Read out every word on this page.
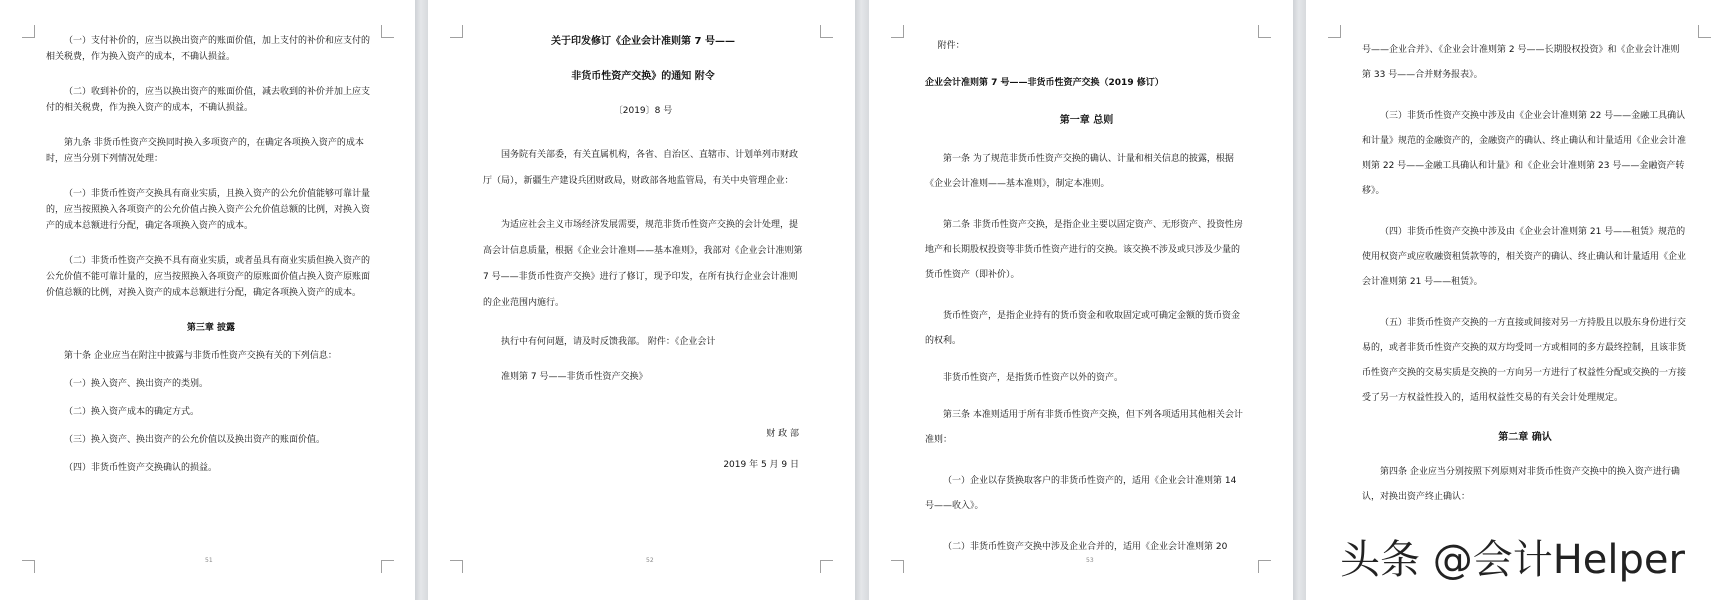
（一）支付补价的，应当以换出资产的账面价值，加上支付的补价和应支付的相关税费，作为换入资产的成本，不确认损益。

（二）收到补价的，应当以换出资产的账面价值，减去收到的补价并加上应支付的相关税费，作为换入资产的成本，不确认损益。

第九条 非货币性资产交换同时换入多项资产的，在确定各项换入资产的成本时，应当分别下列情况处理：

（一）非货币性资产交换具有商业实质，且换入资产的公允价值能够可靠计量的，应当按照换入各项资产的公允价值占换入资产公允价值总额的比例，对换入资产的成本总额进行分配，确定各项换入资产的成本。

（二）非货币性资产交换不具有商业实质，或者虽具有商业实质但换入资产的公允价值不能可靠计量的，应当按照换入各项资产的原账面价值占换入资产原账面价值总额的比例，对换入资产的成本总额进行分配，确定各项换入资产的成本。

第三章 披露

第十条 企业应当在附注中披露与非货币性资产交换有关的下列信息：

（一）换入资产、换出资产的类别。

（二）换入资产成本的确定方式。

（三）换入资产、换出资产的公允价值以及换出资产的账面价值。

（四）非货币性资产交换确认的损益。

51

关于印发修订《企业会计准则第 7 号——

非货币性资产交换》的通知 附令

〔2019〕8 号

国务院有关部委，有关直属机构，各省、自治区、直辖市、计划单列市财政厅（局），新疆生产建设兵团财政局，财政部各地监管局，有关中央管理企业：

为适应社会主义市场经济发展需要，规范非货币性资产交换的会计处理，提高会计信息质量，根据《企业会计准则——基本准则》，我部对《企业会计准则第 7 号——非货币性资产交换》进行了修订，现予印发，在所有执行企业会计准则的企业范围内施行。

执行中有何问题，请及时反馈我部。 附件：《企业会计

准则第 7 号——非货币性资产交换》

财 政 部

2019 年 5 月 9 日

52

附件：

企业会计准则第 7 号——非货币性资产交换（2019 修订）

第一章 总则

第一条 为了规范非货币性资产交换的确认、计量和相关信息的披露，根据《企业会计准则——基本准则》，制定本准则。

第二条 非货币性资产交换，是指企业主要以固定资产、无形资产、投资性房地产和长期股权投资等非货币性资产进行的交换。该交换不涉及或只涉及少量的货币性资产（即补价）。

货币性资产，是指企业持有的货币资金和收取固定或可确定金额的货币资金的权利。

非货币性资产，是指货币性资产以外的资产。

第三条 本准则适用于所有非货币性资产交换，但下列各项适用其他相关会计准则：

（一）企业以存货换取客户的非货币性资产的，适用《企业会计准则第 14 号——收入》。

（二）非货币性资产交换中涉及企业合并的，适用《企业会计准则第 20

53

号——企业合并》、《企业会计准则第 2 号——长期股权投资》和《企业会计准则第 33 号——合并财务报表》。

（三）非货币性资产交换中涉及由《企业会计准则第 22 号——金融工具确认和计量》规范的金融资产的，金融资产的确认、终止确认和计量适用《企业会计准则第 22 号——金融工具确认和计量》和《企业会计准则第 23 号——金融资产转移》。

（四）非货币性资产交换中涉及由《企业会计准则第 21 号——租赁》规范的使用权资产或应收融资租赁款等的，相关资产的确认、终止确认和计量适用《企业会计准则第 21 号——租赁》。

（五）非货币性资产交换的一方直接或间接对另一方持股且以股东身份进行交易的，或者非货币性资产交换的双方均受同一方或相同的多方最终控制，且该非货币性资产交换的交易实质是交换的一方向另一方进行了权益性分配或交换的一方接受了另一方权益性投入的，适用权益性交易的有关会计处理规定。

第二章 确认

第四条 企业应当分别按照下列原则对非货币性资产交换中的换入资产进行确认，对换出资产终止确认：

头条 @会计Helper
